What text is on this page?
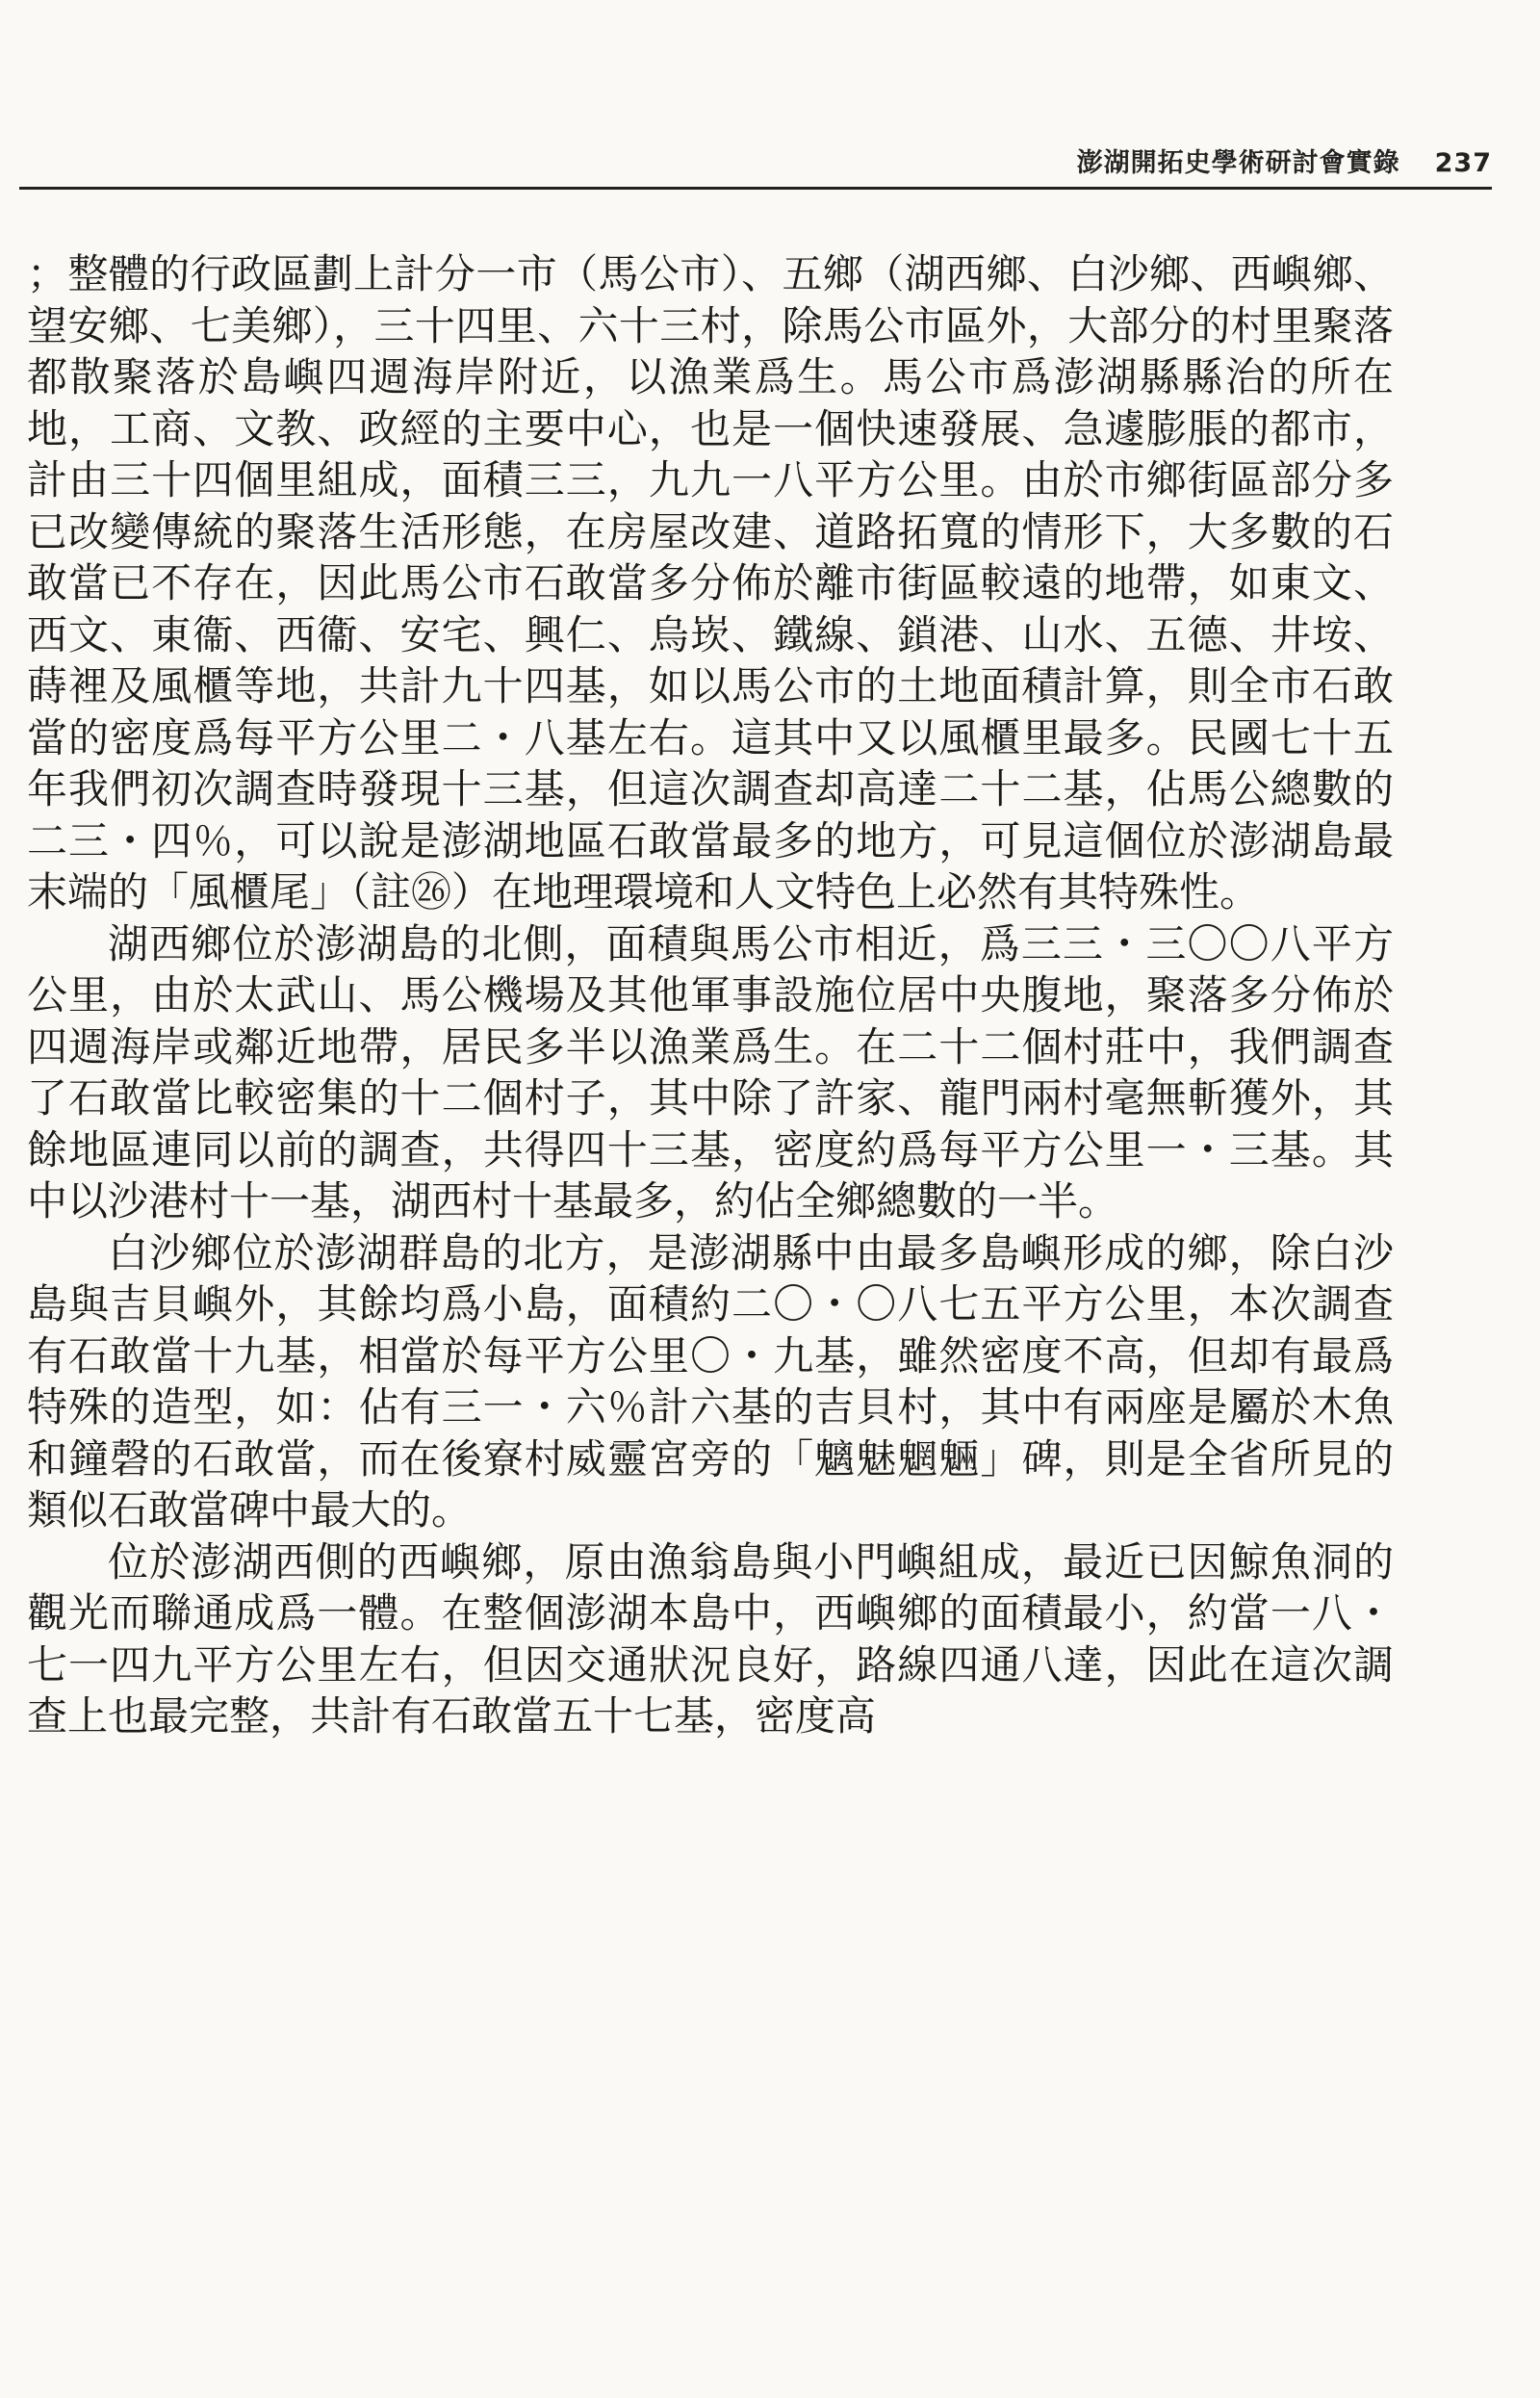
澎湖開拓史學術研討會實錄 237

；整體的行政區劃上計分一市（馬公市）、五鄉（湖西鄉、白沙鄉、西嶼鄉、望安鄉、七美鄉），三十四里、六十三村，除馬公市區外，大部分的村里聚落都散聚落於島嶼四週海岸附近，以漁業爲生。馬公市爲澎湖縣縣治的所在地，工商、文教、政經的主要中心，也是一個快速發展、急遽膨脹的都市，計由三十四個里組成，面積三三，九九一八平方公里。由於市鄉街區部分多已改變傳統的聚落生活形態，在房屋改建、道路拓寬的情形下，大多數的石敢當已不存在，因此馬公市石敢當多分佈於離市街區較遠的地帶，如東文、西文、東衞、西衞、安宅、興仁、烏崁、鐵線、鎖港、山水、五德、井垵、蒔裡及風櫃等地，共計九十四基，如以馬公市的土地面積計算，則全市石敢當的密度爲每平方公里二・八基左右。這其中又以風櫃里最多。民國七十五年我們初次調查時發現十三基，但這次調查却高達二十二基，佔馬公總數的二三・四％，可以說是澎湖地區石敢當最多的地方，可見這個位於澎湖島最末端的「風櫃尾」（註㉖）在地理環境和人文特色上必然有其特殊性。

湖西鄉位於澎湖島的北側，面積與馬公市相近，爲三三・三〇〇八平方公里，由於太武山、馬公機場及其他軍事設施位居中央腹地，聚落多分佈於四週海岸或鄰近地帶，居民多半以漁業爲生。在二十二個村莊中，我們調查了石敢當比較密集的十二個村子，其中除了許家、龍門兩村毫無斬獲外，其餘地區連同以前的調查，共得四十三基，密度約爲每平方公里一・三基。其中以沙港村十一基，湖西村十基最多，約佔全鄉總數的一半。

白沙鄉位於澎湖群島的北方，是澎湖縣中由最多島嶼形成的鄉，除白沙島與吉貝嶼外，其餘均爲小島，面積約二〇・〇八七五平方公里，本次調查有石敢當十九基，相當於每平方公里〇・九基，雖然密度不高，但却有最爲特殊的造型，如：佔有三一・六％計六基的吉貝村，其中有兩座是屬於木魚和鐘磬的石敢當，而在後寮村威靈宮旁的「魑魅魍魎」碑，則是全省所見的類似石敢當碑中最大的。

位於澎湖西側的西嶼鄉，原由漁翁島與小門嶼組成，最近已因鯨魚洞的觀光而聯通成爲一體。在整個澎湖本島中，西嶼鄉的面積最小，約當一八・七一四九平方公里左右，但因交通狀況良好，路線四通八達，因此在這次調查上也最完整，共計有石敢當五十七基，密度高
